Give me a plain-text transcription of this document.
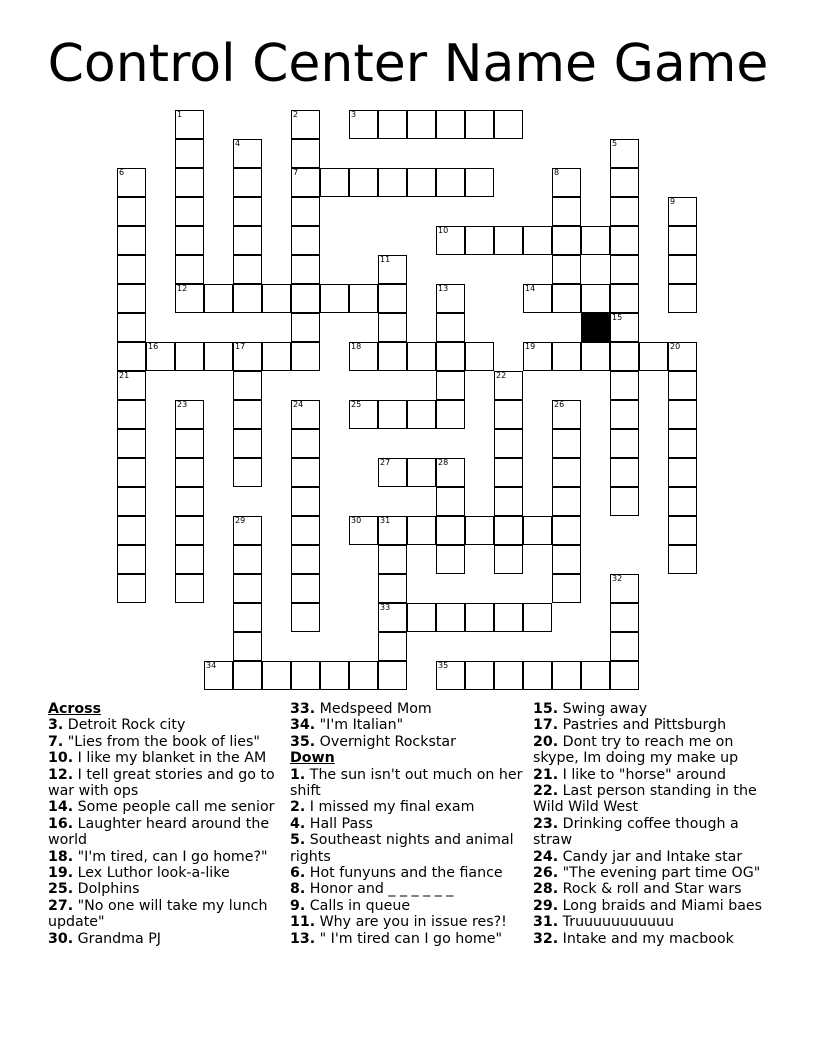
Control Center Name Game
3
7
10
12	14
16	17	18	19	20
25
27	28
30 31
33
34	35
1	2
4	5
6	8
9
11
13
15
21	22
23	24	26
29
32
Across
3. Detroit Rock city
7. "Lies from the book of lies"
10. I like my blanket in the AM
12. I tell great stories and go to war with ops
14. Some people call me senior
16. Laughter heard around the world
18. "I'm tired, can I go home?"
19. Lex Luthor look-a-like
25. Dolphins
27. "No one will take my lunch update"
30. Grandma PJ
33. Medspeed Mom
34. "I'm Italian"
35. Overnight Rockstar
Down
1. The sun isn't out much on her shift
2. I missed my final exam
4. Hall Pass
5. Southeast nights and animal rights
6. Hot funyuns and the fiance
8. Honor and _ _ _ _ _ _
9. Calls in queue
11. Why are you in issue res?!
13. " I'm tired can I go home"
15. Swing away
17. Pastries and Pittsburgh
20. Dont try to reach me on skype, Im doing my make up
21. I like to "horse" around
22. Last person standing in the Wild Wild West
23. Drinking coffee though a straw
24. Candy jar and Intake star
26. "The evening part time OG"
28. Rock & roll and Star wars
29. Long braids and Miami baes
31. Truuuuuuuuuuu
32. Intake and my macbook
